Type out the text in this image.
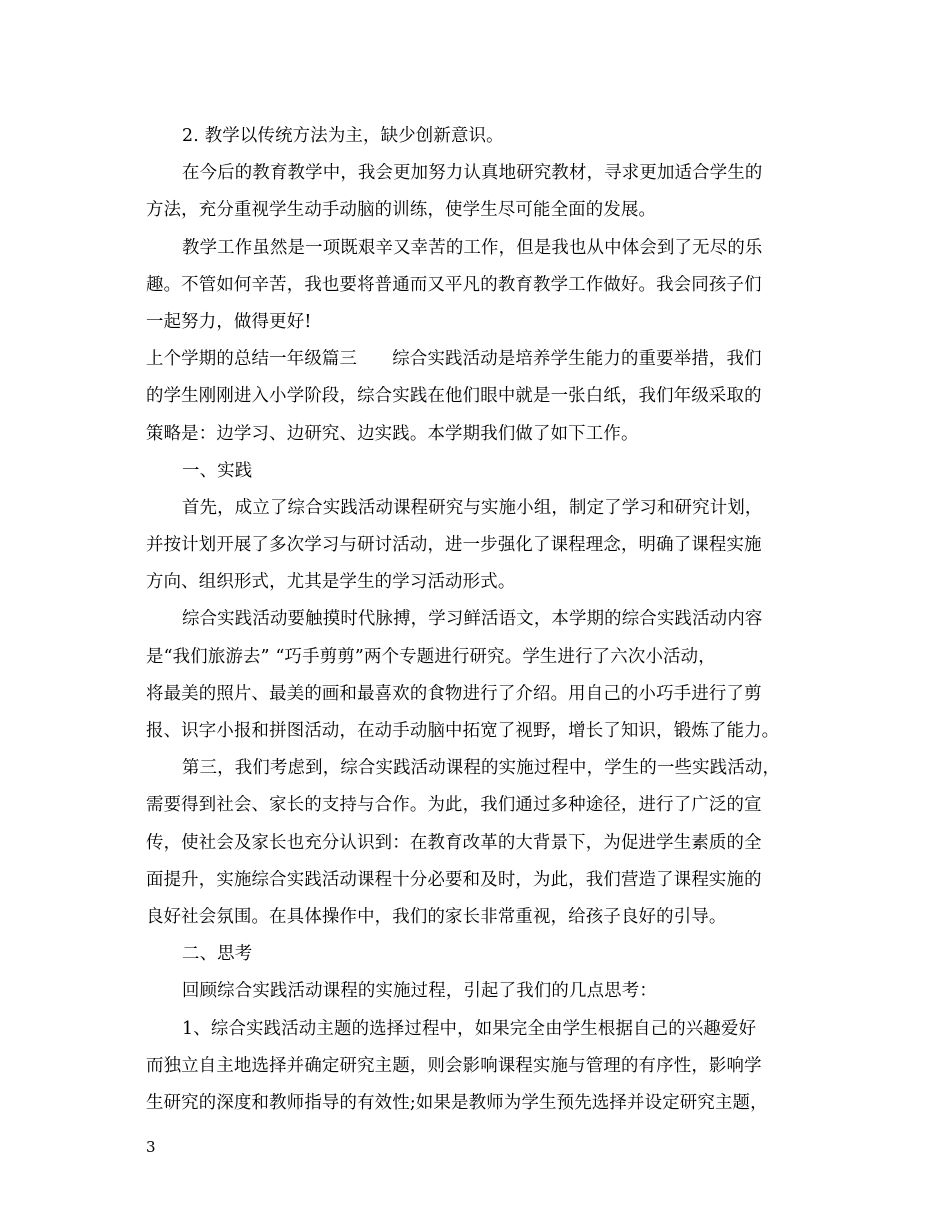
2. 教学以传统方法为主，缺少创新意识。
在今后的教育教学中，我会更加努力认真地研究教材，寻求更加适合学生的
方法，充分重视学生动手动脑的训练，使学生尽可能全面的发展。
教学工作虽然是一项既艰辛又幸苦的工作，但是我也从中体会到了无尽的乐
趣。不管如何辛苦，我也要将普通而又平凡的教育教学工作做好。我会同孩子们
一起努力，做得更好!
上个学期的总结一年级篇三　　综合实践活动是培养学生能力的重要举措，我们
的学生刚刚进入小学阶段，综合实践在他们眼中就是一张白纸，我们年级采取的
策略是：边学习、边研究、边实践。本学期我们做了如下工作。
一、实践
首先，成立了综合实践活动课程研究与实施小组，制定了学习和研究计划，
并按计划开展了多次学习与研讨活动，进一步强化了课程理念，明确了课程实施
方向、组织形式，尤其是学生的学习活动形式。
综合实践活动要触摸时代脉搏，学习鲜活语文，本学期的综合实践活动内容
是“我们旅游去” “巧手剪剪”两个专题进行研究。学生进行了六次小活动，
将最美的照片、最美的画和最喜欢的食物进行了介绍。用自己的小巧手进行了剪
报、识字小报和拼图活动，在动手动脑中拓宽了视野，增长了知识，锻炼了能力。
第三，我们考虑到，综合实践活动课程的实施过程中，学生的一些实践活动，
需要得到社会、家长的支持与合作。为此，我们通过多种途径，进行了广泛的宣
传，使社会及家长也充分认识到：在教育改革的大背景下，为促进学生素质的全
面提升，实施综合实践活动课程十分必要和及时，为此，我们营造了课程实施的
良好社会氛围。在具体操作中，我们的家长非常重视，给孩子良好的引导。
二、思考
回顾综合实践活动课程的实施过程，引起了我们的几点思考：
1、综合实践活动主题的选择过程中，如果完全由学生根据自己的兴趣爱好
而独立自主地选择并确定研究主题，则会影响课程实施与管理的有序性，影响学
生研究的深度和教师指导的有效性;如果是教师为学生预先选择并设定研究主题，
3
